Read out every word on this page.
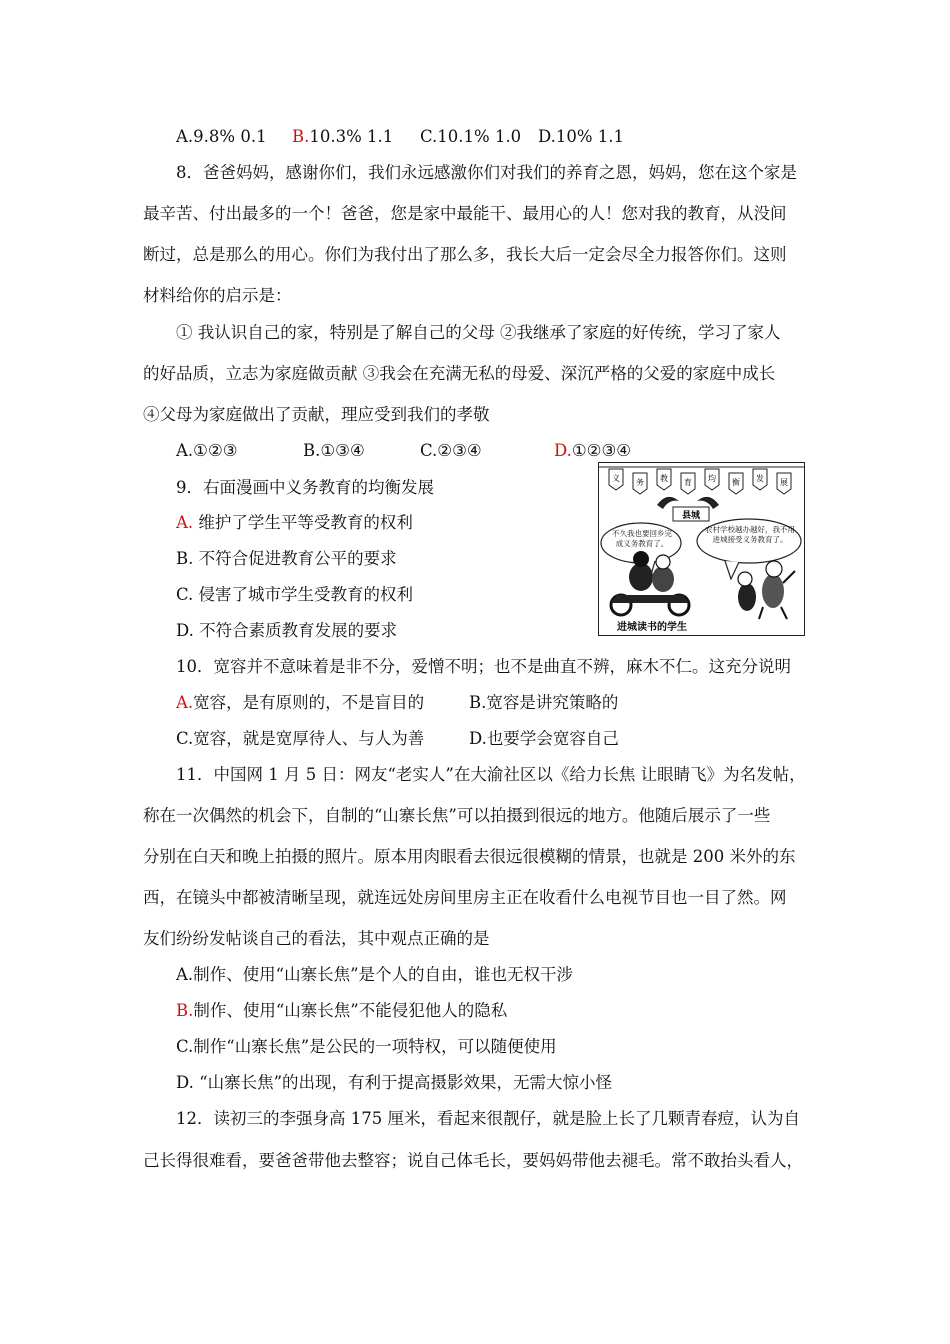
A.9.8% 0.1 B.10.3% 1.1 C.10.1% 1.0 D.10% 1.1
8．爸爸妈妈，感谢你们，我们永远感激你们对我们的养育之恩，妈妈，您在这个家是
最辛苦、付出最多的一个！爸爸，您是家中最能干、最用心的人！您对我的教育，从没间
断过，总是那么的用心。你们为我付出了那么多，我长大后一定会尽全力报答你们。这则
材料给你的启示是：
① 我认识自己的家，特别是了解自己的父母 ②我继承了家庭的好传统，学习了家人
的好品质，立志为家庭做贡献 ③我会在充满无私的母爱、深沉严格的父爱的家庭中成长
④父母为家庭做出了贡献，理应受到我们的孝敬
A.①②③	B.①③④	C.②③④	D.①②③④
9．右面漫画中义务教育的均衡发展
A. 维护了学生平等受教育的权利
B. 不符合促进教育公平的要求
C. 侵害了城市学生受教育的权利
D. 不符合素质教育发展的要求
义 务 教 育 均 衡 发 展
县城
不久我也要回乡完成义务教育了。
农村学校越办越好，我不用进城接受义务教育了。
进城读书的学生
10．宽容并不意味着是非不分，爱憎不明；也不是曲直不辨，麻木不仁。这充分说明
A.宽容，是有原则的，不是盲目的	B.宽容是讲究策略的
C.宽容，就是宽厚待人、与人为善	D.也要学会宽容自己
11．中国网 1 月 5 日：网友“老实人”在大渝社区以《给力长焦 让眼睛飞》为名发帖，
称在一次偶然的机会下，自制的“山寨长焦”可以拍摄到很远的地方。他随后展示了一些
分别在白天和晚上拍摄的照片。原本用肉眼看去很远很模糊的情景，也就是 200 米外的东
西，在镜头中都被清晰呈现，就连远处房间里房主正在收看什么电视节目也一目了然。网
友们纷纷发帖谈自己的看法，其中观点正确的是
A.制作、使用“山寨长焦”是个人的自由，谁也无权干涉
B.制作、使用“山寨长焦”不能侵犯他人的隐私
C.制作“山寨长焦”是公民的一项特权，可以随便使用
D. “山寨长焦”的出现，有利于提高摄影效果，无需大惊小怪
12．读初三的李强身高 175 厘米，看起来很靓仔，就是脸上长了几颗青春痘，认为自
己长得很难看，要爸爸带他去整容；说自己体毛长，要妈妈带他去褪毛。常不敢抬头看人，
